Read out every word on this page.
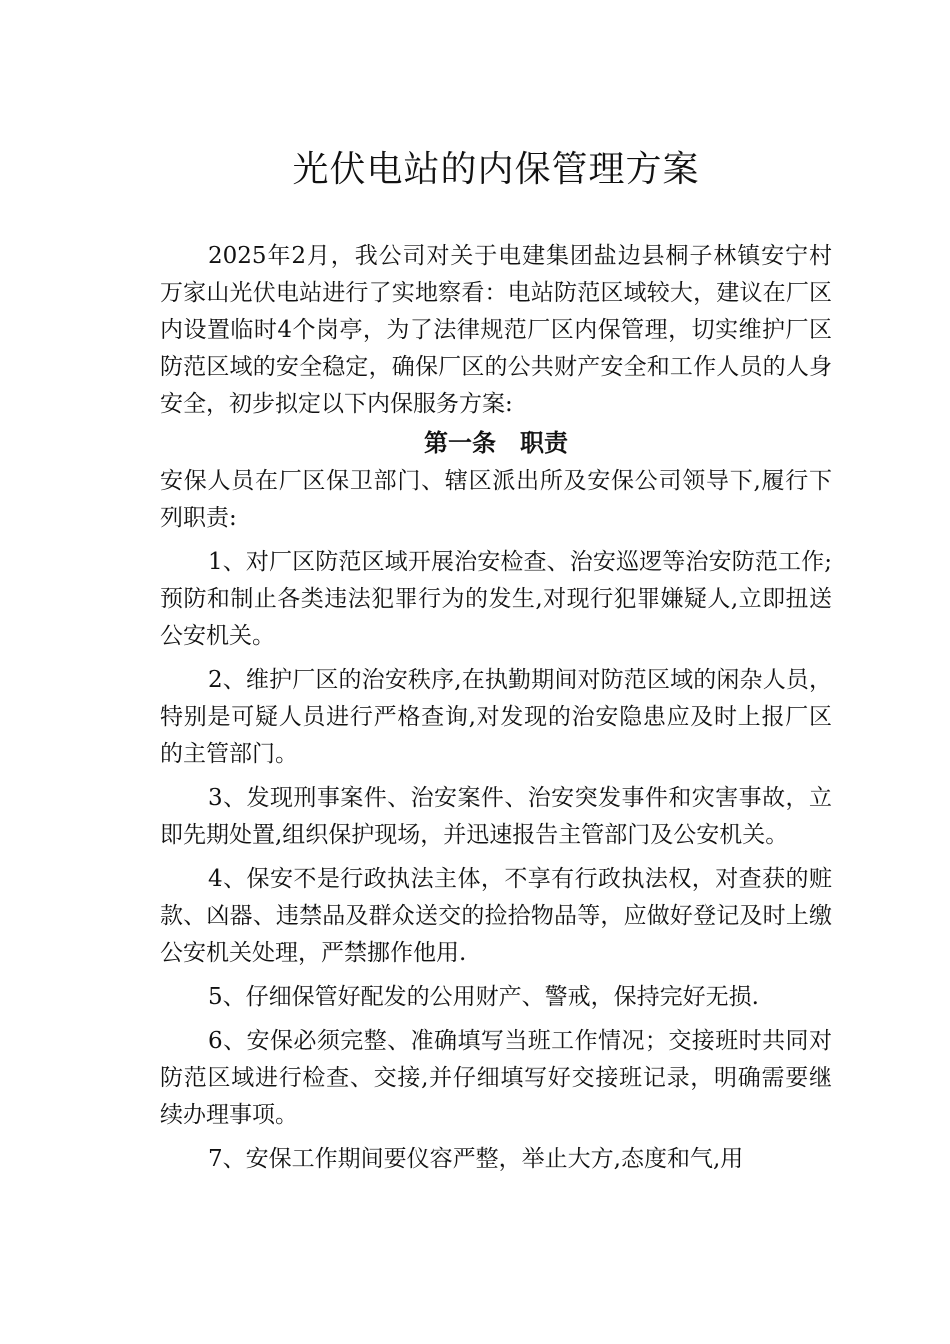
光伏电站的内保管理方案

2025年2月，我公司对关于电建集团盐边县桐子林镇安宁村万家山光伏电站进行了实地察看：电站防范区域较大，建议在厂区内设置临时4个岗亭，为了法律规范厂区内保管理，切实维护厂区防范区域的安全稳定，确保厂区的公共财产安全和工作人员的人身安全，初步拟定以下内保服务方案:

第一条　职责

安保人员在厂区保卫部门、辖区派出所及安保公司领导下,履行下列职责:

1、对厂区防范区域开展治安检查、治安巡逻等治安防范工作;预防和制止各类违法犯罪行为的发生,对现行犯罪嫌疑人,立即扭送公安机关。

2、维护厂区的治安秩序,在执勤期间对防范区域的闲杂人员，特别是可疑人员进行严格查询,对发现的治安隐患应及时上报厂区的主管部门。

3、发现刑事案件、治安案件、治安突发事件和灾害事故，立即先期处置,组织保护现场，并迅速报告主管部门及公安机关。

4、保安不是行政执法主体，不享有行政执法权，对查获的赃款、凶器、违禁品及群众送交的捡拾物品等，应做好登记及时上缴公安机关处理，严禁挪作他用.

5、仔细保管好配发的公用财产、警戒，保持完好无损.

6、安保必须完整、准确填写当班工作情况；交接班时共同对防范区域进行检查、交接,并仔细填写好交接班记录，明确需要继续办理事项。

7、安保工作期间要仪容严整，举止大方,态度和气,用
